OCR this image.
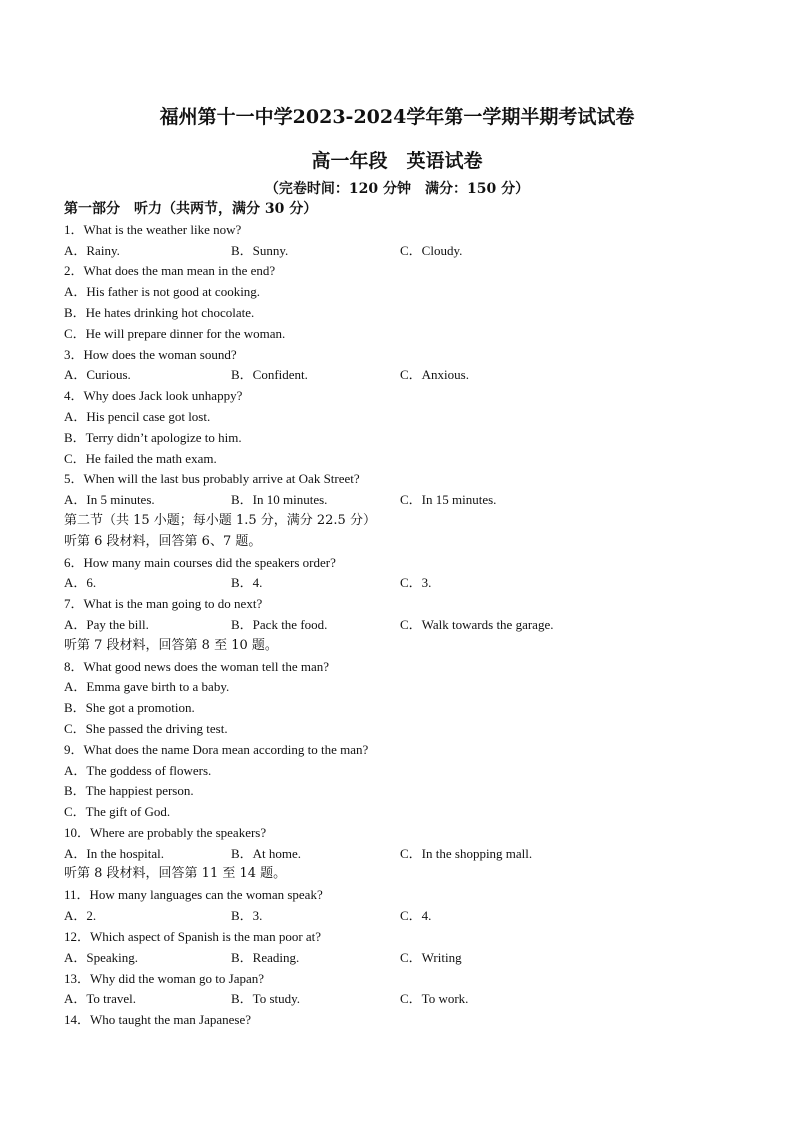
福州第十一中学2023-2024学年第一学期半期考试试卷
高一年段　英语试卷
（完卷时间：120 分钟　满分：150 分）
第一部分　听力（共两节，满分 30 分）
1．What is the weather like now?
A．Rainy.	B．Sunny.	C．Cloudy.
2．What does the man mean in the end?
A．His father is not good at cooking.
B．He hates drinking hot chocolate.
C．He will prepare dinner for the woman.
3．How does the woman sound?
A．Curious.	B．Confident.	C．Anxious.
4．Why does Jack look unhappy?
A．His pencil case got lost.
B．Terry didn’t apologize to him.
C．He failed the math exam.
5．When will the last bus probably arrive at Oak Street?
A．In 5 minutes.	B．In 10 minutes.	C．In 15 minutes.
第二节（共 15 小题；每小题 1.5 分，满分 22.5 分）
听第 6 段材料，回答第 6、7 题。
6．How many main courses did the speakers order?
A．6.	B．4.	C．3.
7．What is the man going to do next?
A．Pay the bill.	B．Pack the food.	C．Walk towards the garage.
听第 7 段材料，回答第 8 至 10 题。
8．What good news does the woman tell the man?
A．Emma gave birth to a baby.
B．She got a promotion.
C．She passed the driving test.
9．What does the name Dora mean according to the man?
A．The goddess of flowers.
B．The happiest person.
C．The gift of God.
10．Where are probably the speakers?
A．In the hospital.	B．At home.	C．In the shopping mall.
听第 8 段材料，回答第 11 至 14 题。
11．How many languages can the woman speak?
A．2.	B．3.	C．4.
12．Which aspect of Spanish is the man poor at?
A．Speaking.	B．Reading.	C．Writing
13．Why did the woman go to Japan?
A．To travel.	B．To study.	C．To work.
14．Who taught the man Japanese?
